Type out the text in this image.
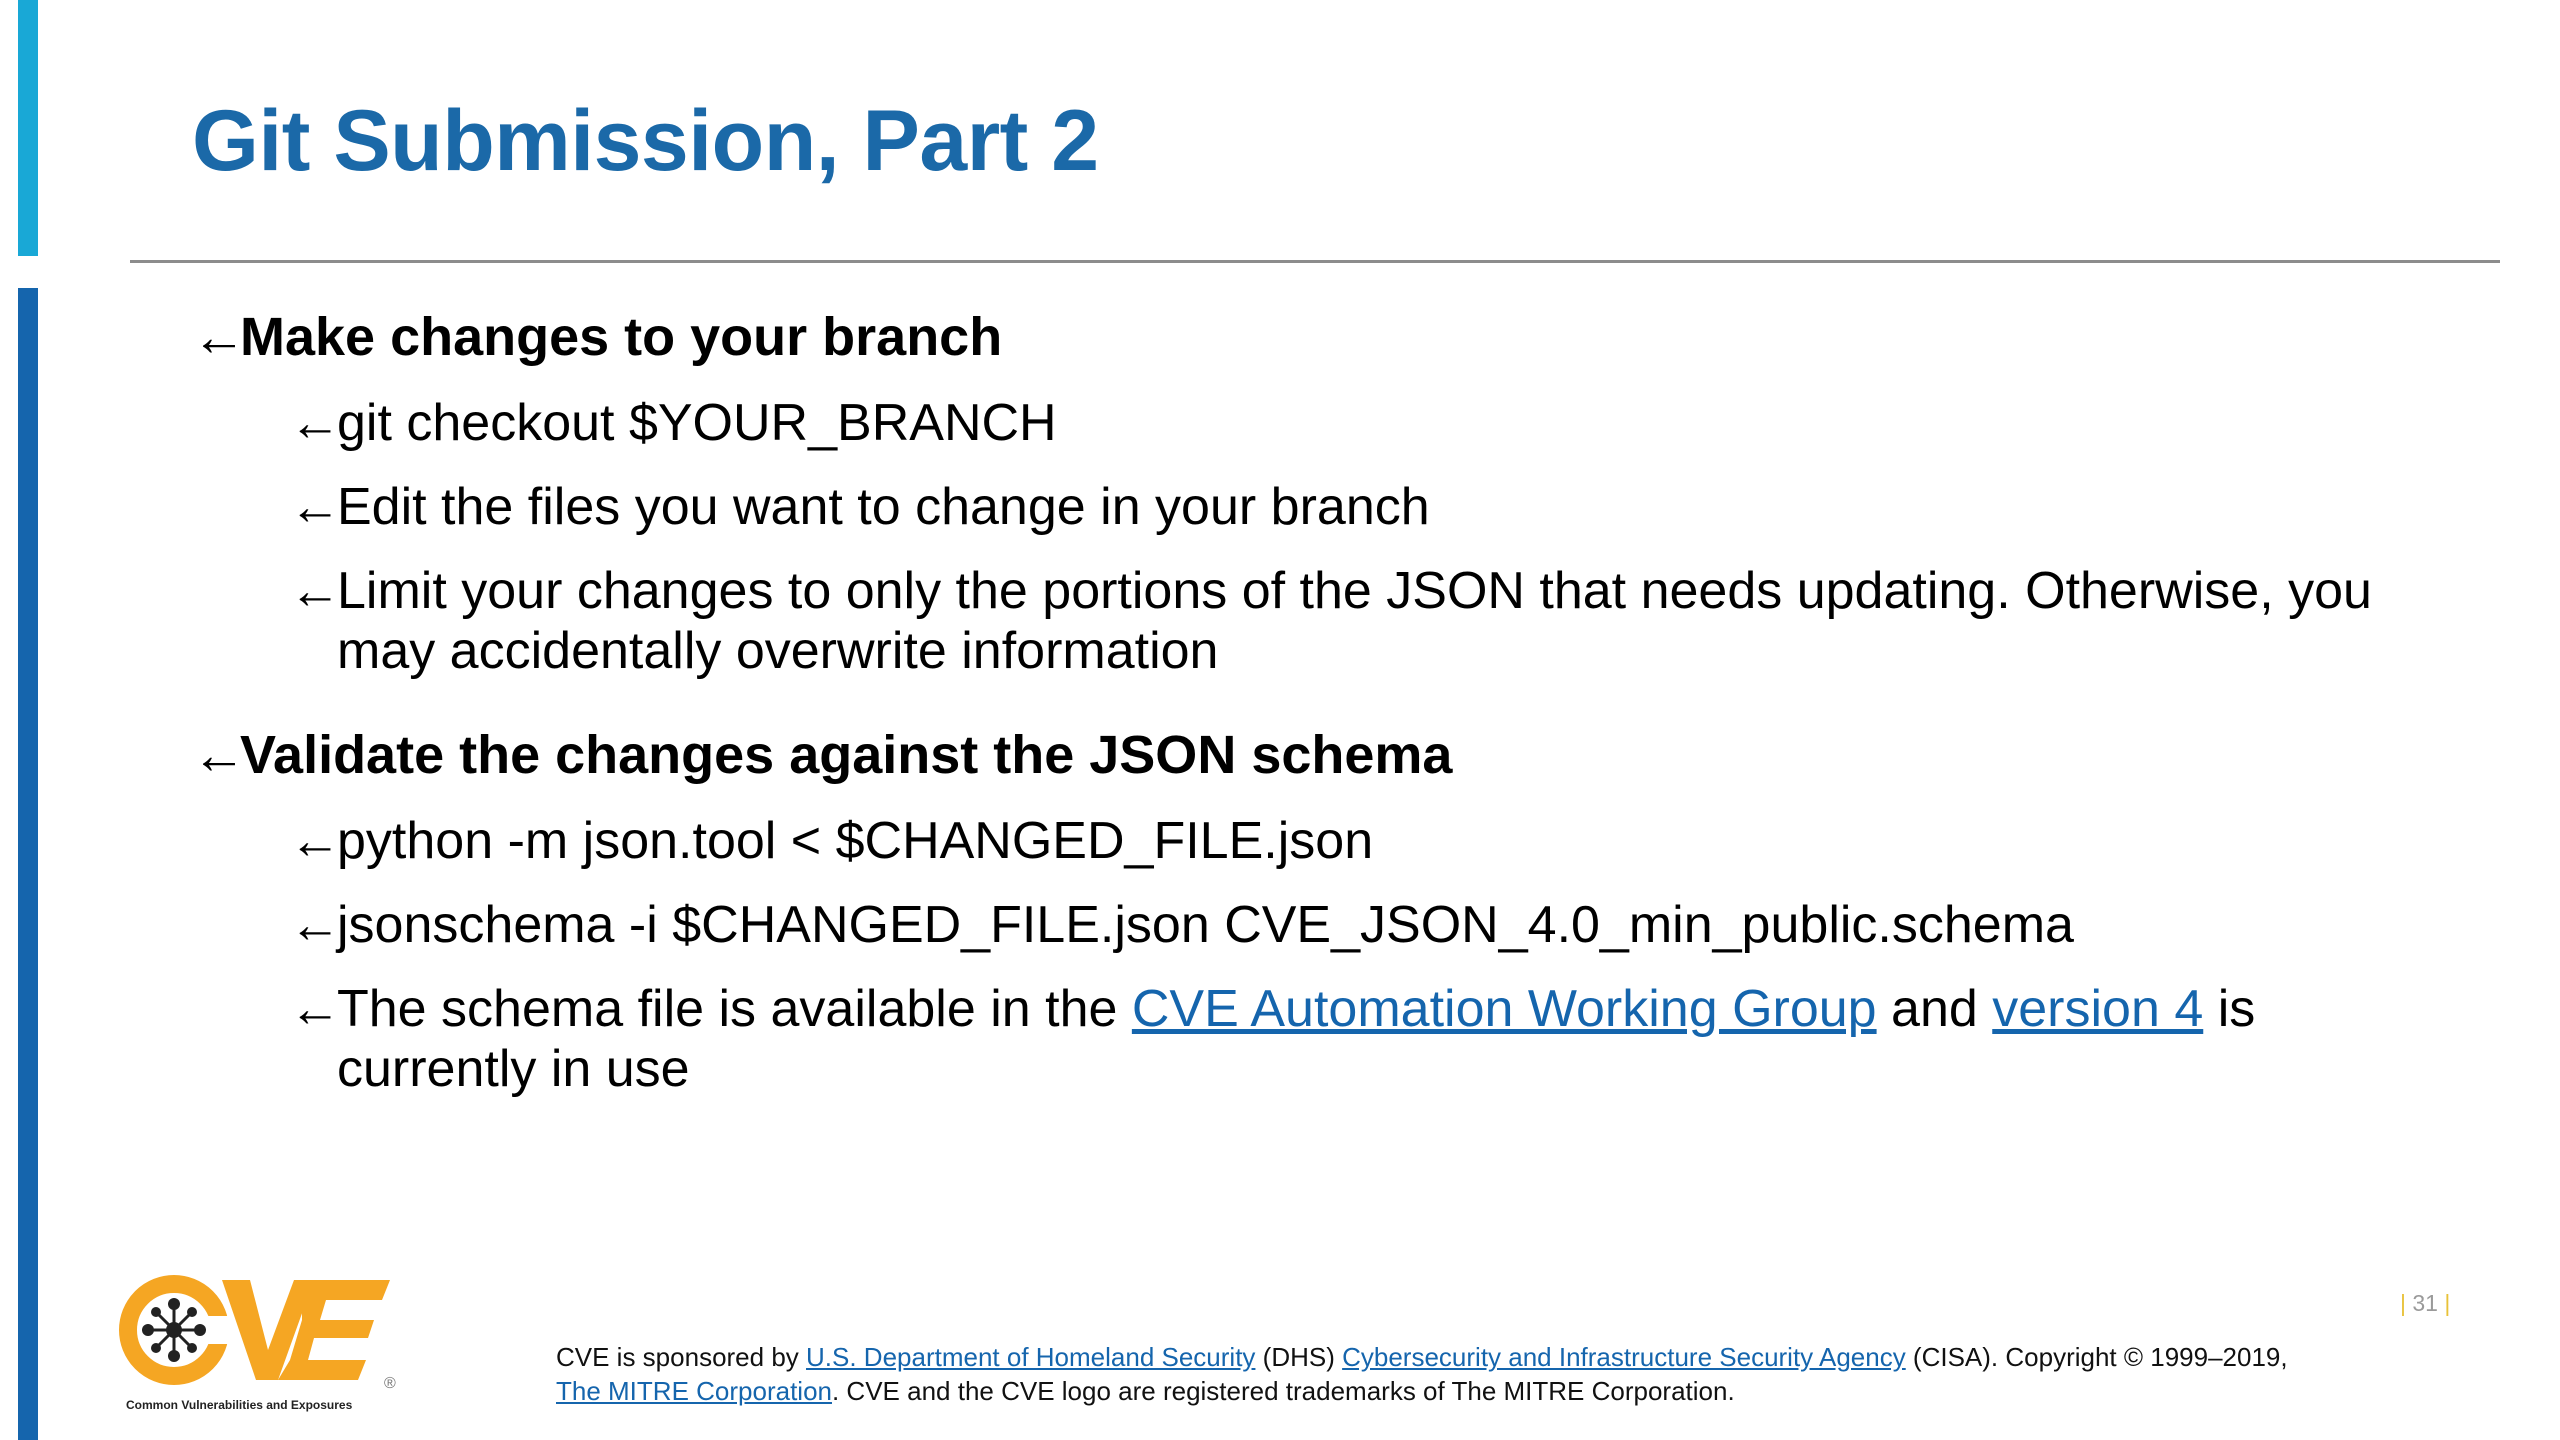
Git Submission, Part 2
←
Make changes to your branch
←
git checkout $YOUR_BRANCH
←
Edit the files you want to change in your branch
←
Limit your changes to only the portions of the JSON that needs updating. Otherwise, you may accidentally overwrite information
←
Validate the changes against the JSON schema
←
python -m json.tool < $CHANGED_FILE.json
←
jsonschema -i $CHANGED_FILE.json CVE_JSON_4.0_min_public.schema
←
The schema file is available in the CVE Automation Working Group and version 4 is currently in use
| 31 |
®
Common Vulnerabilities and Exposures
CVE is sponsored by U.S. Department of Homeland Security (DHS) Cybersecurity and Infrastructure Security Agency (CISA). Copyright © 1999–2019,
The MITRE Corporation. CVE and the CVE logo are registered trademarks of The MITRE Corporation.
